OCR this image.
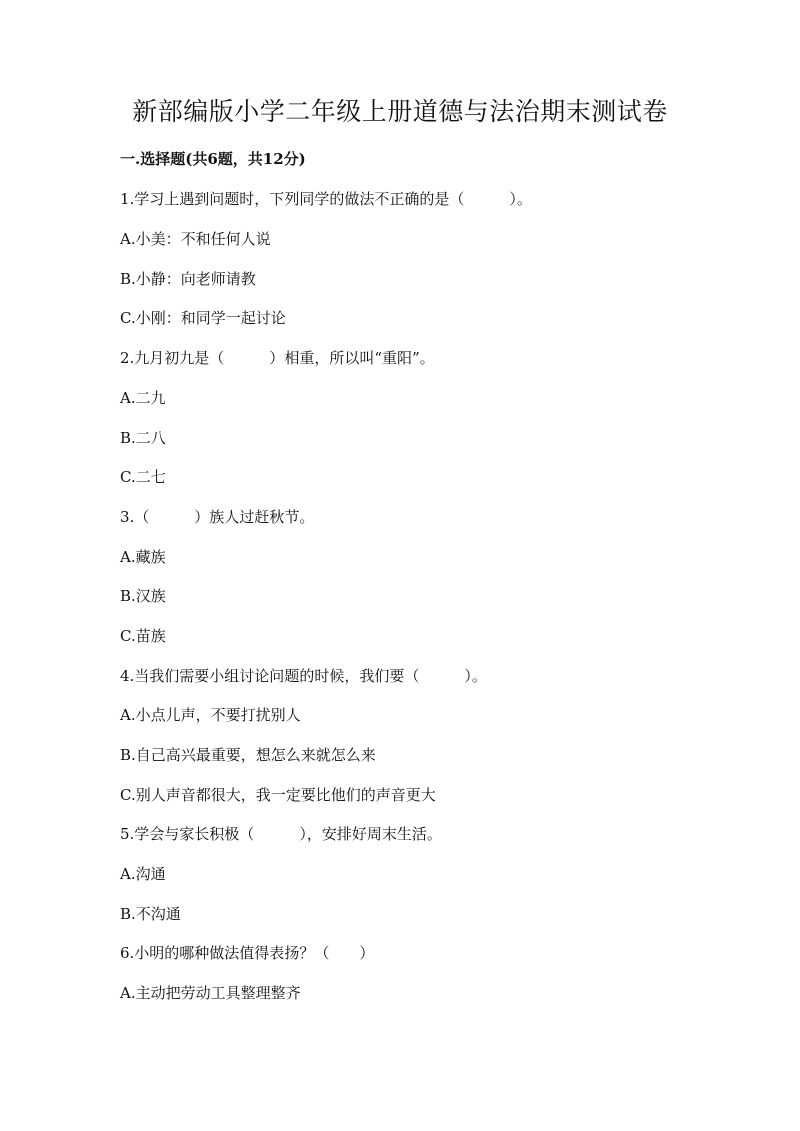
新部编版小学二年级上册道德与法治期末测试卷
一.选择题(共6题，共12分)
1.学习上遇到问题时，下列同学的做法不正确的是（　　　）。
A.小美：不和任何人说
B.小静：向老师请教
C.小刚：和同学一起讨论
2.九月初九是（　　　）相重，所以叫“重阳”。
A.二九
B.二八
C.二七
3.（　　　）族人过赶秋节。
A.藏族
B.汉族
C.苗族
4.当我们需要小组讨论问题的时候，我们要（　　　）。
A.小点儿声，不要打扰别人
B.自己高兴最重要，想怎么来就怎么来
C.别人声音都很大，我一定要比他们的声音更大
5.学会与家长积极（　　　），安排好周末生活。
A.沟通
B.不沟通
6.小明的哪种做法值得表扬？（　　）
A.主动把劳动工具整理整齐
